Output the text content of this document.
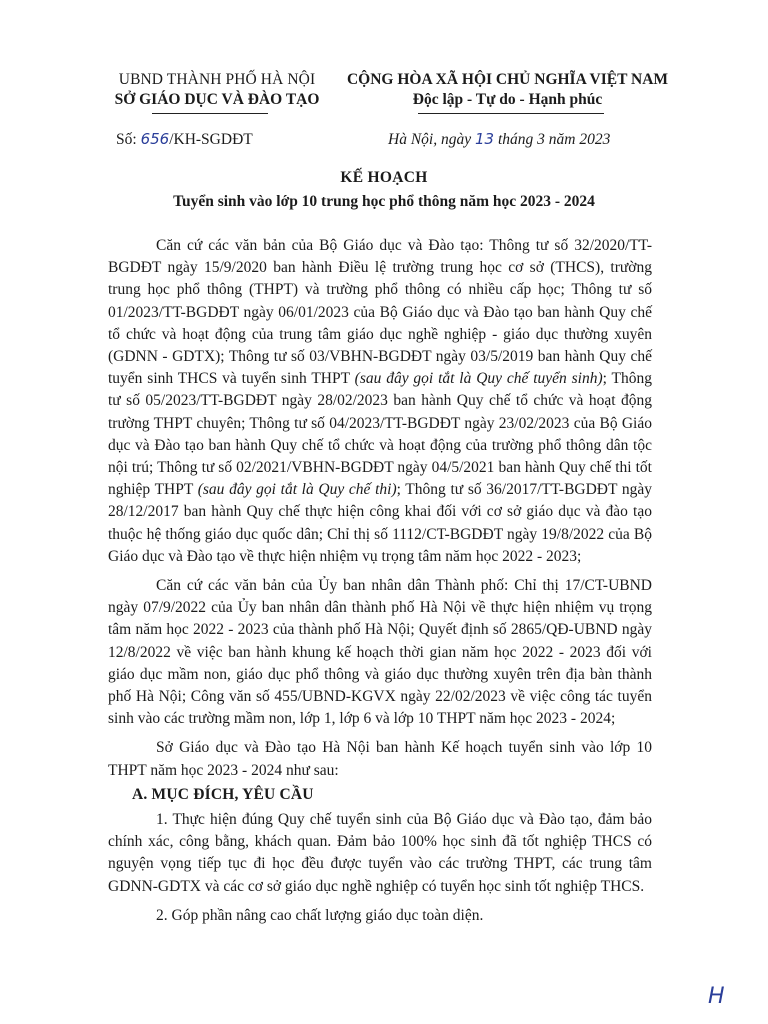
UBND THÀNH PHỐ HÀ NỘI
SỞ GIÁO DỤC VÀ ĐÀO TẠO
CỘNG HÒA XÃ HỘI CHỦ NGHĨA VIỆT NAM
Độc lập - Tự do - Hạnh phúc
Số: 656/KH-SGDĐT	Hà Nội, ngày 13 tháng 3 năm 2023
KẾ HOẠCH
Tuyển sinh vào lớp 10 trung học phổ thông năm học 2023 - 2024

Căn cứ các văn bản của Bộ Giáo dục và Đào tạo: Thông tư số 32/2020/TT-BGDĐT ngày 15/9/2020 ban hành Điều lệ trường trung học cơ sở (THCS), trường trung học phổ thông (THPT) và trường phổ thông có nhiều cấp học; Thông tư số 01/2023/TT-BGDĐT ngày 06/01/2023 của Bộ Giáo dục và Đào tạo ban hành Quy chế tổ chức và hoạt động của trung tâm giáo dục nghề nghiệp - giáo dục thường xuyên (GDNN - GDTX); Thông tư số 03/VBHN-BGDĐT ngày 03/5/2019 ban hành Quy chế tuyển sinh THCS và tuyển sinh THPT (sau đây gọi tắt là Quy chế tuyển sinh); Thông tư số 05/2023/TT-BGDĐT ngày 28/02/2023 ban hành Quy chế tổ chức và hoạt động trường THPT chuyên; Thông tư số 04/2023/TT-BGDĐT ngày 23/02/2023 của Bộ Giáo dục và Đào tạo ban hành Quy chế tổ chức và hoạt động của trường phổ thông dân tộc nội trú; Thông tư số 02/2021/VBHN-BGDĐT ngày 04/5/2021 ban hành Quy chế thi tốt nghiệp THPT (sau đây gọi tắt là Quy chế thi); Thông tư số 36/2017/TT-BGDĐT ngày 28/12/2017 ban hành Quy chế thực hiện công khai đối với cơ sở giáo dục và đào tạo thuộc hệ thống giáo dục quốc dân; Chỉ thị số 1112/CT-BGDĐT ngày 19/8/2022 của Bộ Giáo dục và Đào tạo về thực hiện nhiệm vụ trọng tâm năm học 2022 - 2023;

Căn cứ các văn bản của Ủy ban nhân dân Thành phố: Chỉ thị 17/CT-UBND ngày 07/9/2022 của Ủy ban nhân dân thành phố Hà Nội về thực hiện nhiệm vụ trọng tâm năm học 2022 - 2023 của thành phố Hà Nội; Quyết định số 2865/QĐ-UBND ngày 12/8/2022 về việc ban hành khung kế hoạch thời gian năm học 2022 - 2023 đối với giáo dục mầm non, giáo dục phổ thông và giáo dục thường xuyên trên địa bàn thành phố Hà Nội; Công văn số 455/UBND-KGVX ngày 22/02/2023 về việc công tác tuyển sinh vào các trường mầm non, lớp 1, lớp 6 và lớp 10 THPT năm học 2023 - 2024;

Sở Giáo dục và Đào tạo Hà Nội ban hành Kế hoạch tuyển sinh vào lớp 10 THPT năm học 2023 - 2024 như sau:

A. MỤC ĐÍCH, YÊU CẦU

1. Thực hiện đúng Quy chế tuyển sinh của Bộ Giáo dục và Đào tạo, đảm bảo chính xác, công bằng, khách quan. Đảm bảo 100% học sinh đã tốt nghiệp THCS có nguyện vọng tiếp tục đi học đều được tuyển vào các trường THPT, các trung tâm GDNN-GDTX và các cơ sở giáo dục nghề nghiệp có tuyển học sinh tốt nghiệp THCS.

2. Góp phần nâng cao chất lượng giáo dục toàn diện.

H
